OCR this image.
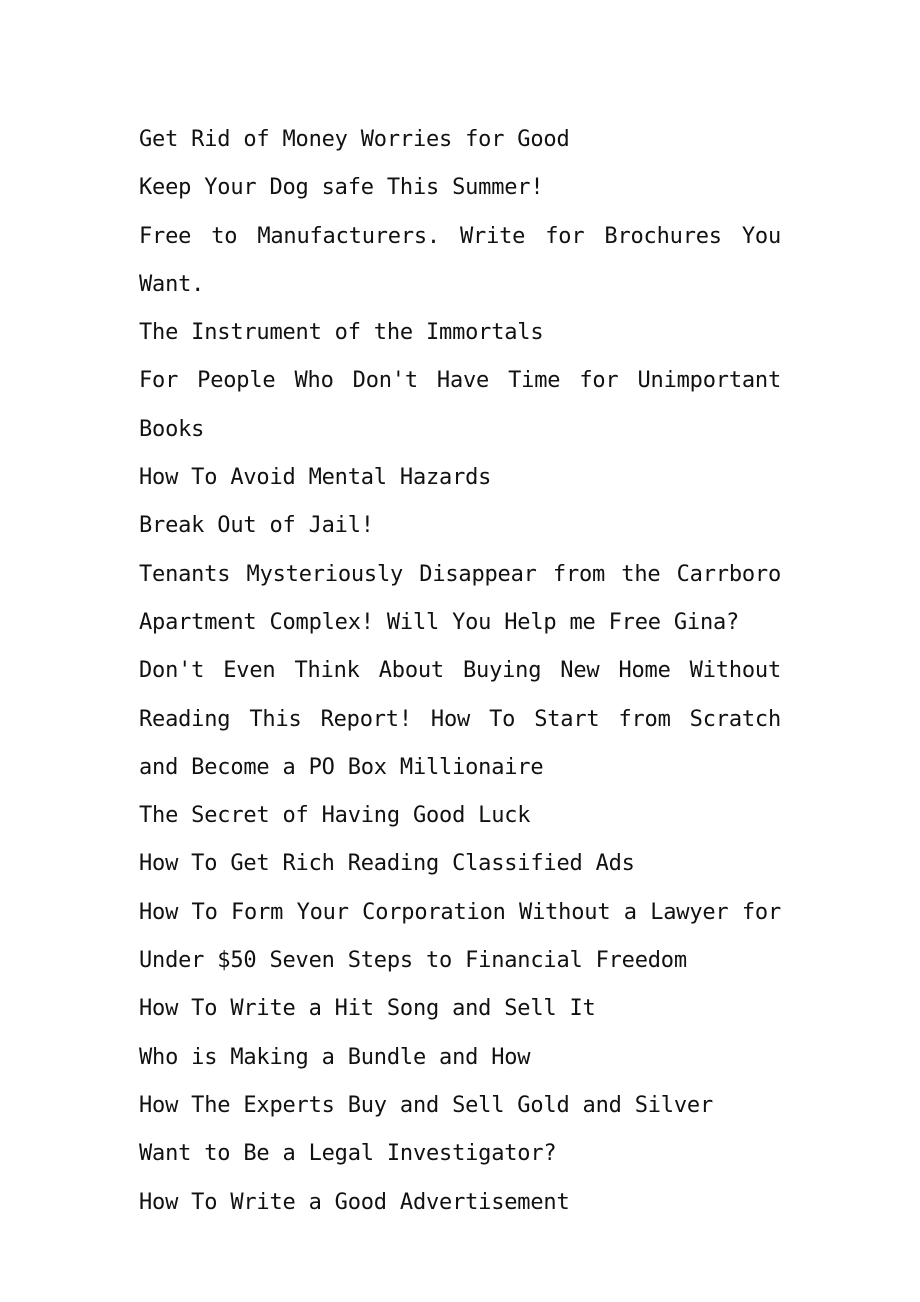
Get Rid of Money Worries for Good

Keep Your Dog safe This Summer!

Free to Manufacturers. Write for Brochures You Want.

The Instrument of the Immortals

For People Who Don't Have Time for Unimportant Books

How To Avoid Mental Hazards

Break Out of Jail!

Tenants Mysteriously Disappear from the Carrboro Apartment Complex! Will You Help me Free Gina?

Don't Even Think About Buying New Home Without Reading This Report! How To Start from Scratch and Become a PO Box Millionaire

The Secret of Having Good Luck

How To Get Rich Reading Classified Ads

How To Form Your Corporation Without a Lawyer for Under $50 Seven Steps to Financial Freedom

How To Write a Hit Song and Sell It

Who is Making a Bundle and How

How The Experts Buy and Sell Gold and Silver

Want to Be a Legal Investigator?

How To Write a Good Advertisement
